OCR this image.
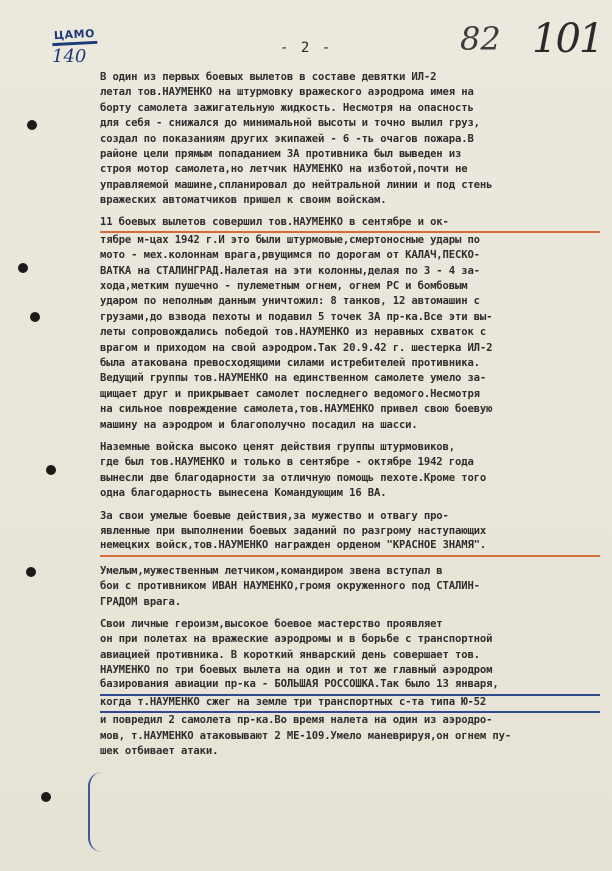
ЦАМО
140	- 2 -	82 101
В один из первых боевых вылетов в составе девятки ИЛ-2
летал тов.НАУМЕНКО на штурмовку вражеского аэродрома имея на
борту самолета зажигательную жидкость. Несмотря на опасность
для себя - снижался до минимальной высоты и точно вылил груз,
создал по показаниям других экипажей - 6 -ть очагов пожара.В
районе цели прямым попаданием ЗА противника был выведен из
строя мотор самолета,но летчик НАУМЕНКО на изботой,почти не
управляемой машине,спланировал до нейтральной линии и под стень
вражеских автоматчиков пришел к своим войскам.
11 боевых вылетов совершил тов.НАУМЕНКО в сентябре и ок-
тябре м-цах 1942 г.И это были штурмовые,смертоносные удары по
мото - мех.колоннам врага,рвущимся по дорогам от КАЛАЧ,ПЕСКО-
ВАТКА на СТАЛИНГРАД.Налетая на эти колонны,делая по 3 - 4 за-
хода,метким пушечно - пулеметным огнем, огнем РС и бомбовым
ударом по неполным данным уничтожил: 8 танков, 12 автомашин с
грузами,до взвода пехоты и подавил 5 точек ЗА пр-ка.Все эти вы-
леты сопровождались победой тов.НАУМЕНКО из неравных схваток с
врагом и приходом на свой аэродром.Так 20.9.42 г. шестерка ИЛ-2
была атакована превосходящими силами истребителей противника.
Ведущий группы тов.НАУМЕНКО на единственном самолете умело за-
щищает друг и прикрывает самолет последнего ведомого.Несмотря
на сильное повреждение самолета,тов.НАУМЕНКО привел свою боевую
машину на аэродром и благополучно посадил на шасси.
Наземные войска высоко ценят действия группы штурмовиков,
где был тов.НАУМЕНКО и только в сентябре - октябре 1942 года
вынесли две благодарности за отличную помощь пехоте.Кроме того
одна благодарность вынесена Командующим 16 ВА.
За свои умелые боевые действия,за мужество и отвагу про-
явленные при выполнении боевых заданий по разгрому наступающих
немецких войск,тов.НАУМЕНКО награжден орденом "КРАСНОЕ ЗНАМЯ".
Умелым,мужественным летчиком,командиром звена вступал в
бои с противником ИВАН НАУМЕНКО,громя окруженного под СТАЛИН-
ГРАДОМ врага.
Свои личные героизм,высокое боевое мастерство проявляет
он при полетах на вражеские аэродромы и в борьбе с транспортной
авиацией противника. В короткий январский день совершает тов.
НАУМЕНКО по три боевых вылета на один и тот же главный аэродром
базирования авиации пр-ка - БОЛЬШАЯ РОССОШКА.Так было 13 января,
когда т.НАУМЕНКО сжег на земле три транспортных с-та типа Ю-52
и повредил 2 самолета пр-ка.Во время налета на один из аэродро-
мов, т.НАУМЕНКО атаковывают 2 МЕ-109.Умело маневрируя,он огнем пу-
шек отбивает атаки.
